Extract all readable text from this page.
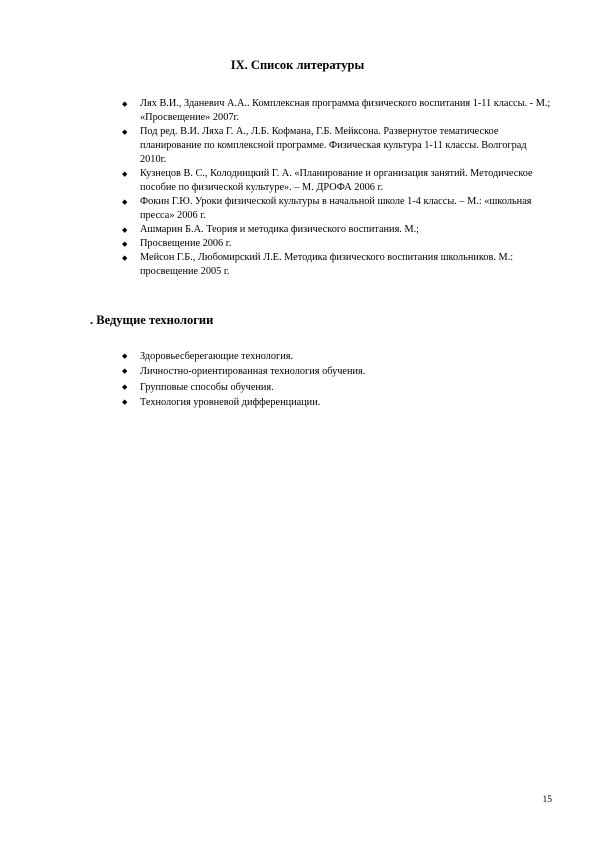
IX. Список литературы
◆ Лях В.И., Зданевич А.А.. Комплексная программа физического воспитания 1-11 классы. - М.; «Просвещение» 2007г.
◆ Под ред. В.И. Ляха Г. А., Л.Б. Кофмана, Г.Б. Мейксона. Развернутое тематическое планирование по комплексной программе. Физическая культура 1-11 классы. Волгоград 2010г.
◆ Кузнецов В. С., Колодницкий Г. А. «Планирование и организация занятий. Методическое пособие по физической культуре». – М. ДРОФА 2006 г.
◆ Фокин Г.Ю. Уроки физической культуры в начальной школе 1-4 классы. – М.: «школьная пресса» 2006 г.
◆ Ашмарин Б.А. Теория и методика физического воспитания. М.;
◆ Просвещение 2006 г.
◆ Мейсон Г.Б., Любомирский Л.Е. Методика физического воспитания школьников. М.: просвещение 2005 г.
. Ведущие технологии
◆ Здоровьесберегающие технология.
◆ Личностно-ориентированная технология обучения.
◆ Групповые способы обучения.
◆ Технология уровневой дифференциации.
15
